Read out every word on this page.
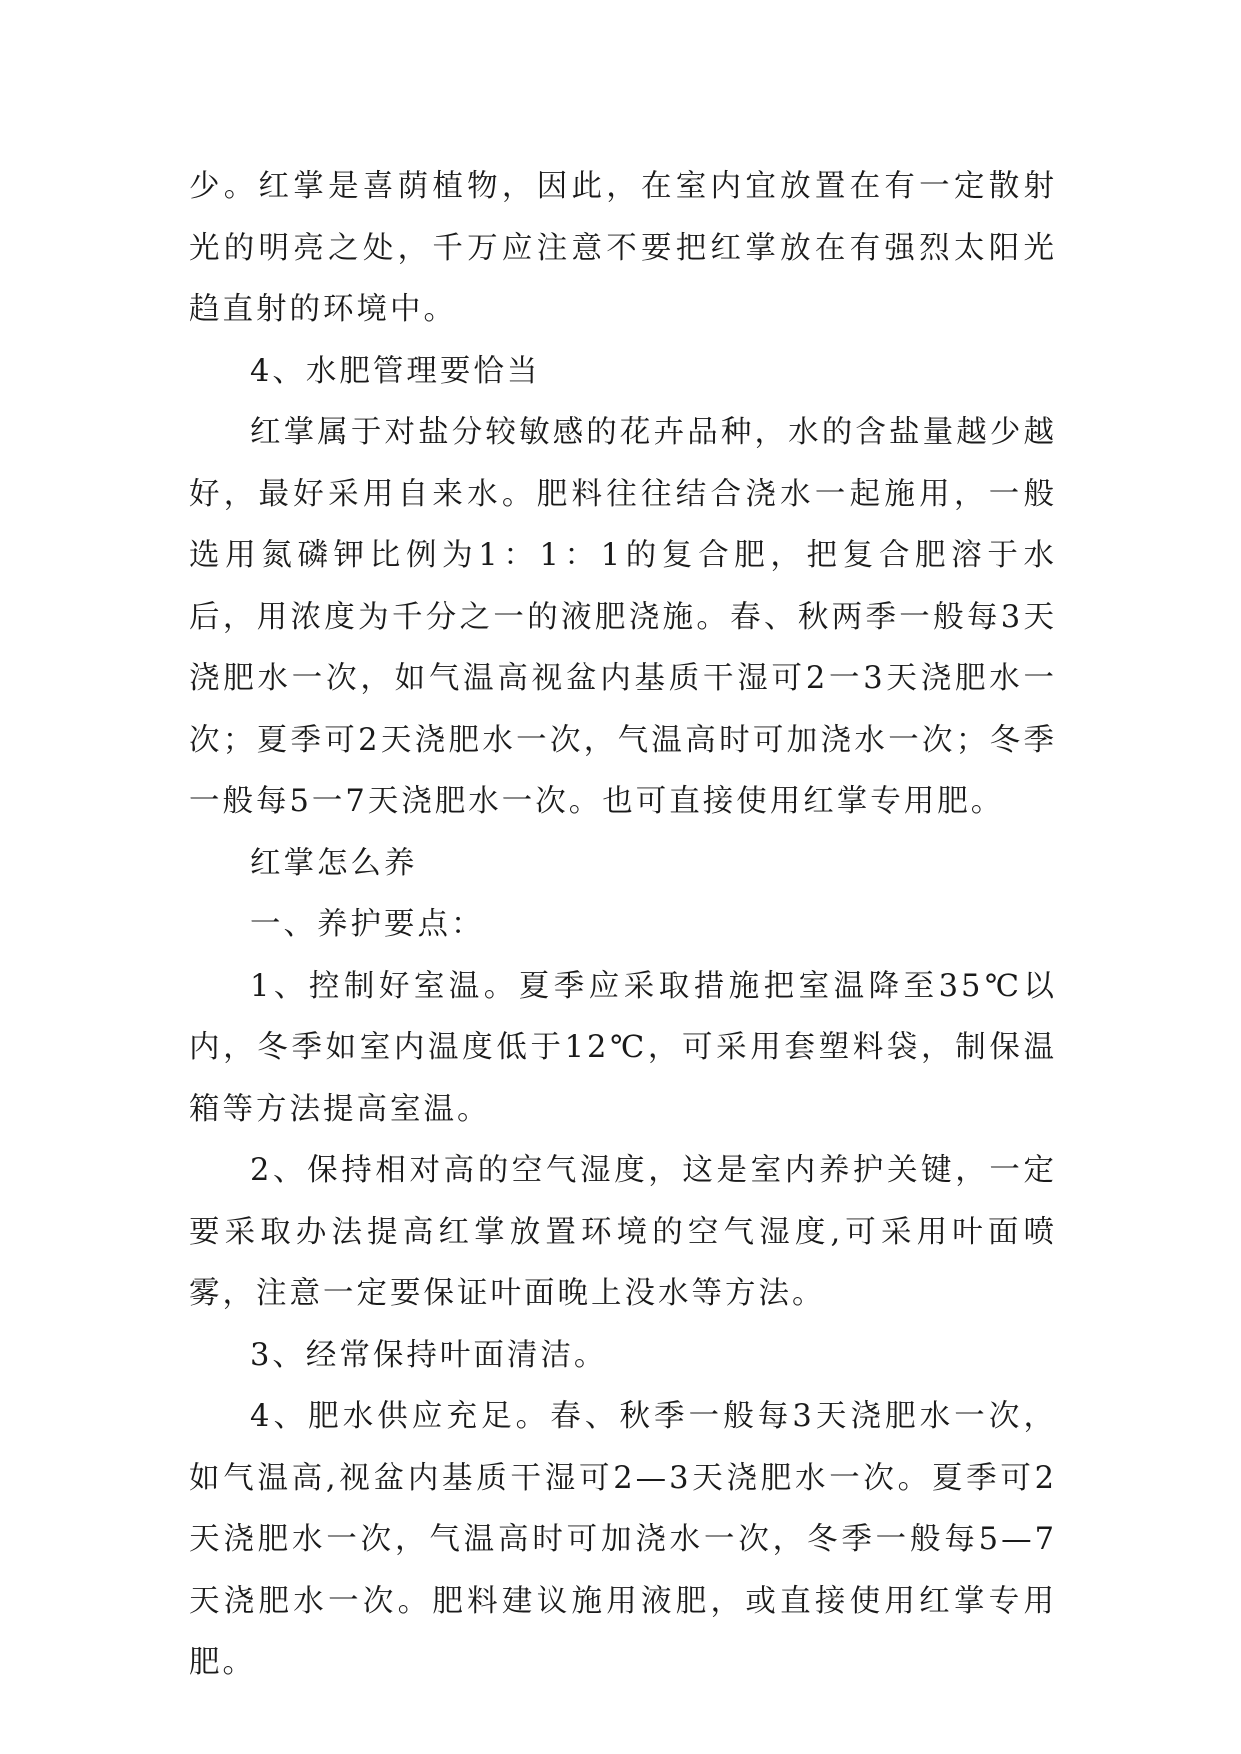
少。红掌是喜荫植物，因此，在室内宜放置在有一定散射光的明亮之处，千万应注意不要把红掌放在有强烈太阳光趋直射的环境中。

4、水肥管理要恰当

红掌属于对盐分较敏感的花卉品种，水的含盐量越少越好，最好采用自来水。肥料往往结合浇水一起施用，一般选用氮磷钾比例为1：1：1的复合肥，把复合肥溶于水后，用浓度为千分之一的液肥浇施。春、秋两季一般每3天浇肥水一次，如气温高视盆内基质干湿可2一3天浇肥水一次；夏季可2天浇肥水一次，气温高时可加浇水一次；冬季一般每5一7天浇肥水一次。也可直接使用红掌专用肥。

红掌怎么养

一、养护要点：

1、控制好室温。夏季应采取措施把室温降至35℃以内，冬季如室内温度低于12℃，可采用套塑料袋，制保温箱等方法提高室温。

2、保持相对高的空气湿度，这是室内养护关键，一定要采取办法提高红掌放置环境的空气湿度,可采用叶面喷雾，注意一定要保证叶面晚上没水等方法。

3、经常保持叶面清洁。

4、肥水供应充足。春、秋季一般每3天浇肥水一次，如气温高,视盆内基质干湿可2—3天浇肥水一次。夏季可2天浇肥水一次，气温高时可加浇水一次，冬季一般每5—7天浇肥水一次。肥料建议施用液肥，或直接使用红掌专用肥。
